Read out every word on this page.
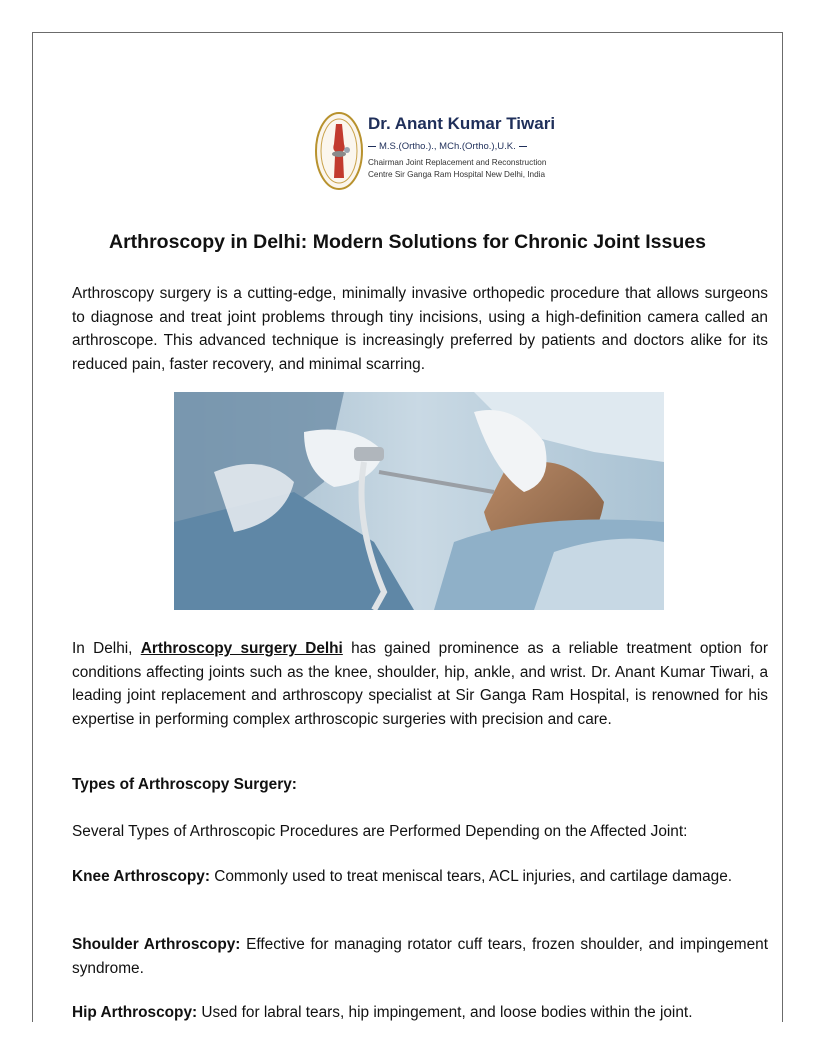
Dr. Anant Kumar Tiwari
M.S.(Ortho.)., MCh.(Ortho.),U.K.
Chairman Joint Replacement and Reconstruction
Centre Sir Ganga Ram Hospital New Delhi, India
Arthroscopy in Delhi: Modern Solutions for Chronic Joint Issues

Arthroscopy surgery is a cutting-edge, minimally invasive orthopedic procedure that allows surgeons to diagnose and treat joint problems through tiny incisions, using a high-definition camera called an arthroscope. This advanced technique is increasingly preferred by patients and doctors alike for its reduced pain, faster recovery, and minimal scarring.

In Delhi, Arthroscopy surgery Delhi has gained prominence as a reliable treatment option for conditions affecting joints such as the knee, shoulder, hip, ankle, and wrist. Dr. Anant Kumar Tiwari, a leading joint replacement and arthroscopy specialist at Sir Ganga Ram Hospital, is renowned for his expertise in performing complex arthroscopic surgeries with precision and care.

Types of Arthroscopy Surgery:

Several Types of Arthroscopic Procedures are Performed Depending on the Affected Joint:

Knee Arthroscopy: Commonly used to treat meniscal tears, ACL injuries, and cartilage damage.

Shoulder Arthroscopy: Effective for managing rotator cuff tears, frozen shoulder, and impingement syndrome.

Hip Arthroscopy: Used for labral tears, hip impingement, and loose bodies within the joint.
